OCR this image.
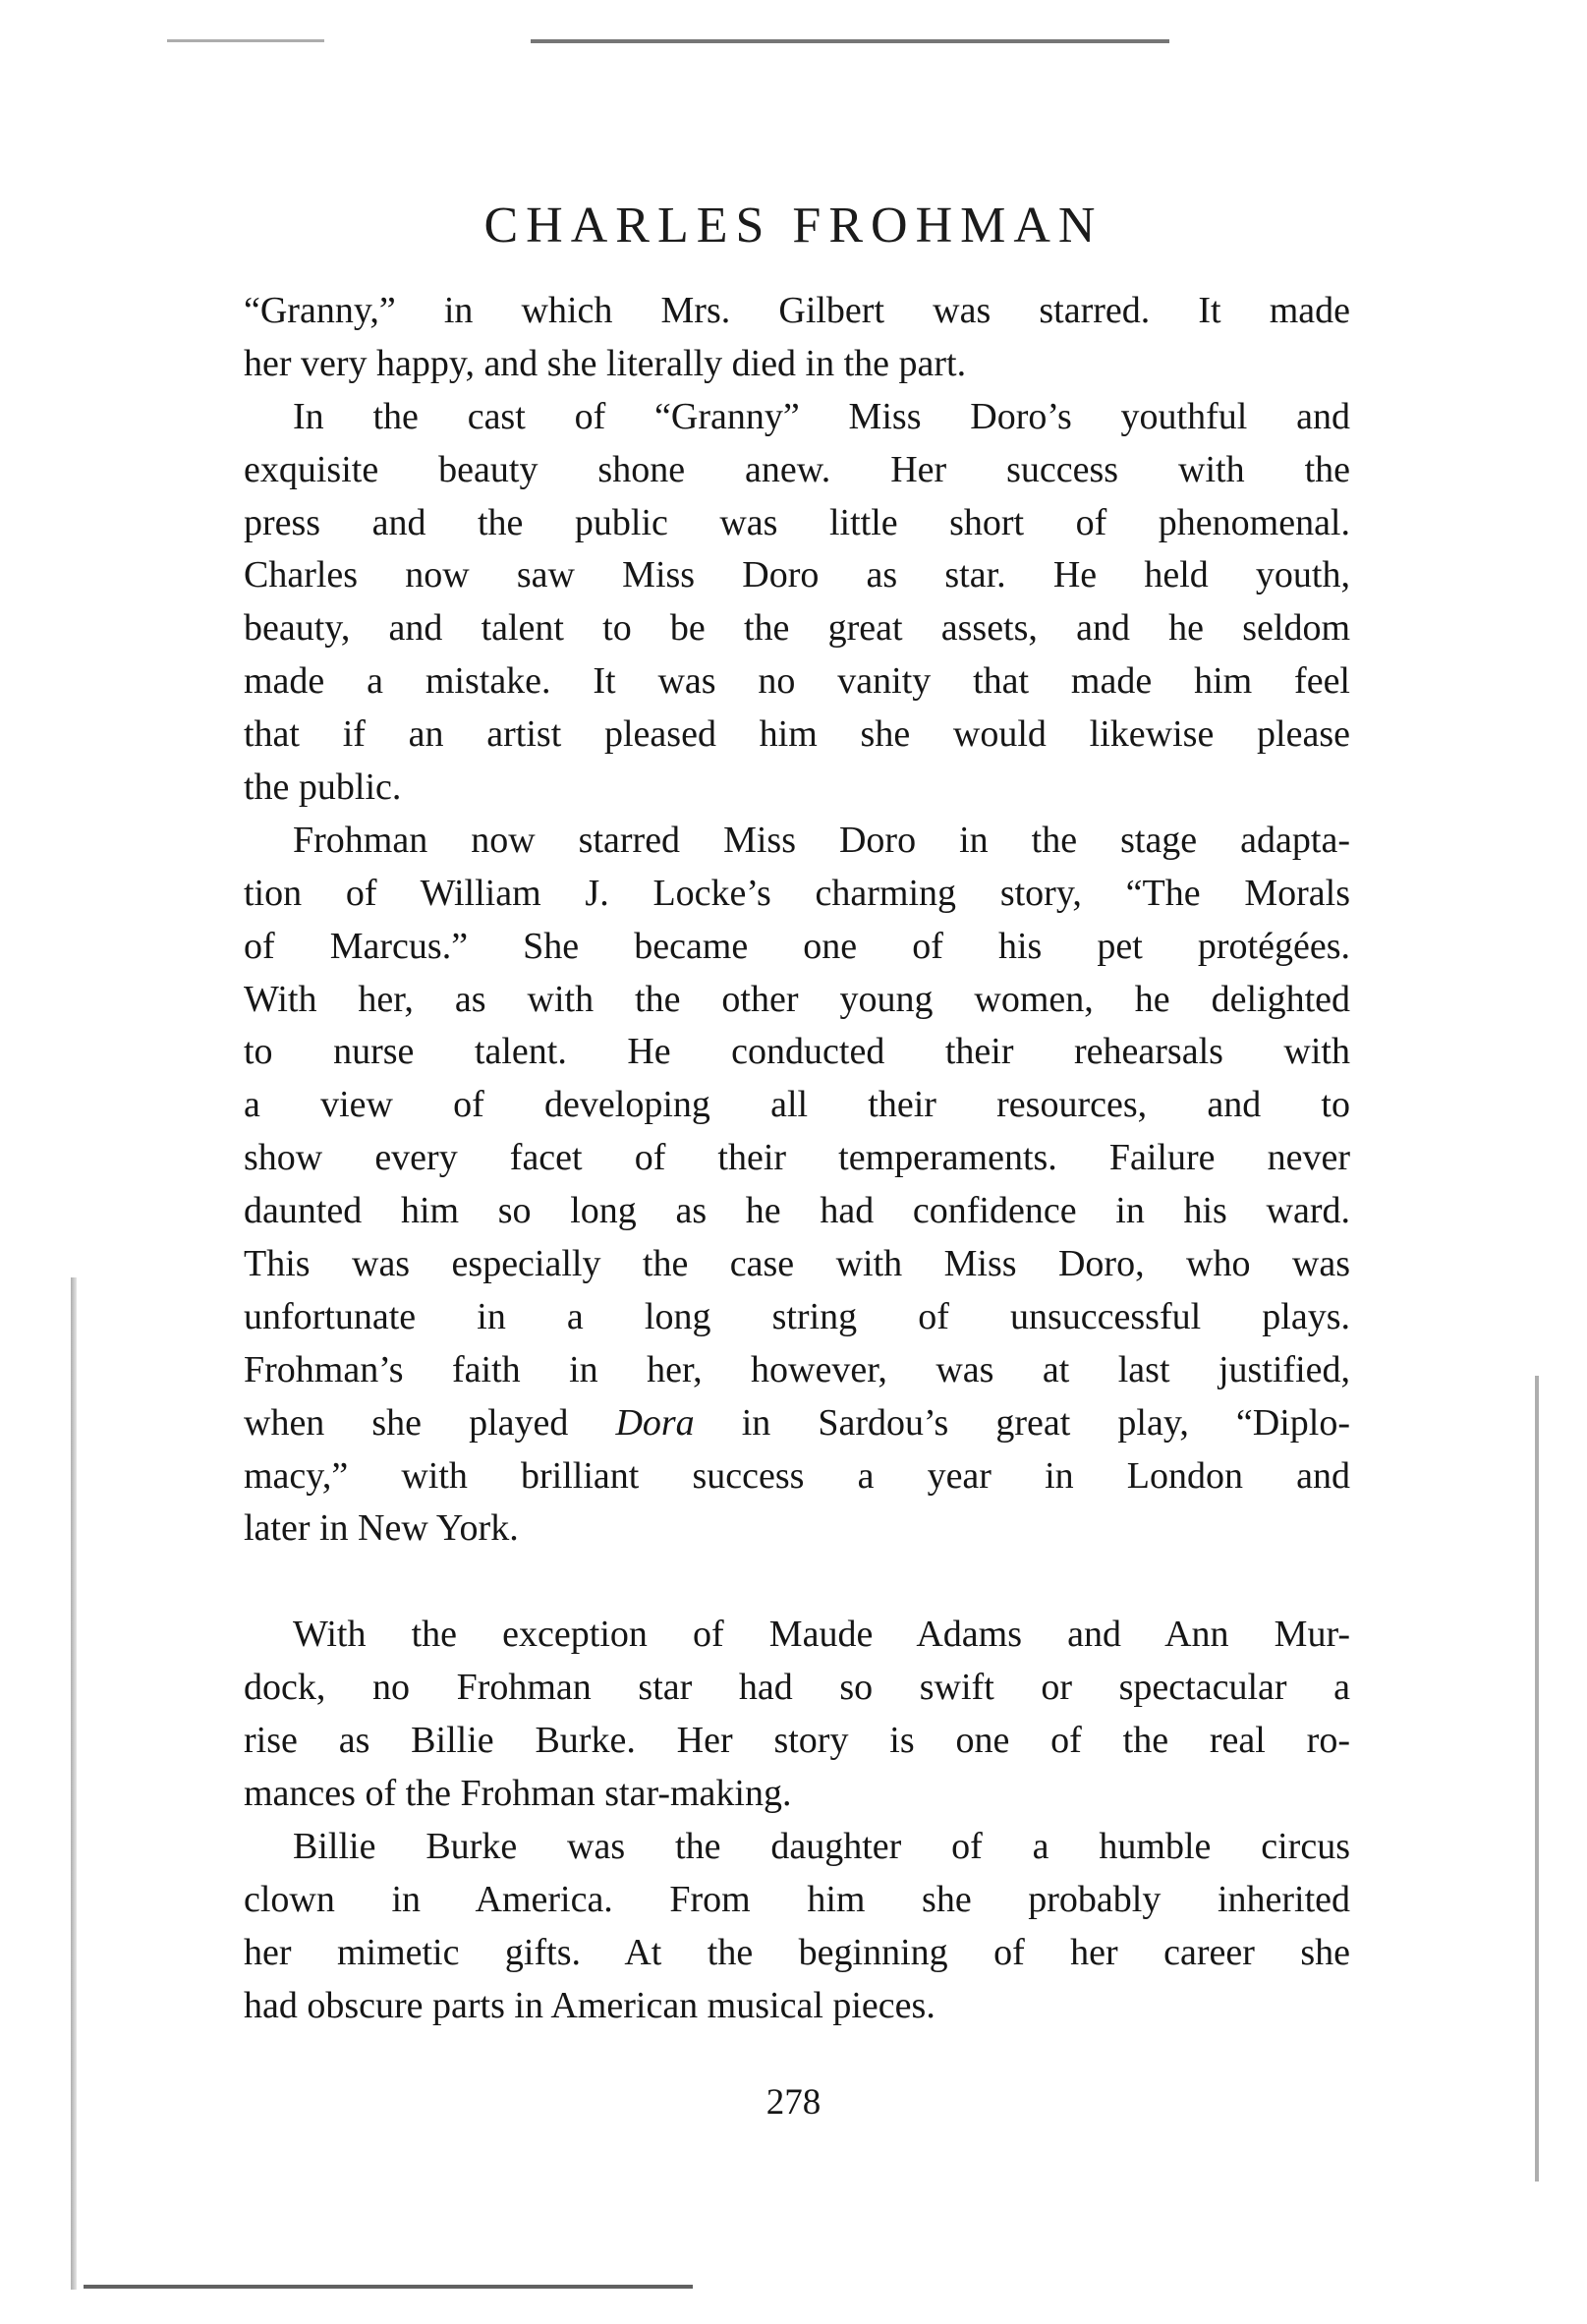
CHARLES FROHMAN
“Granny,” in which Mrs. Gilbert was starred. It made
her very happy, and she literally died in the part.
In the cast of “Granny” Miss Doro’s youthful and
exquisite beauty shone anew. Her success with the
press and the public was little short of phenomenal.
Charles now saw Miss Doro as star. He held youth,
beauty, and talent to be the great assets, and he seldom
made a mistake. It was no vanity that made him feel
that if an artist pleased him she would likewise please
the public.
Frohman now starred Miss Doro in the stage adapta-
tion of William J. Locke’s charming story, “The Morals
of Marcus.” She became one of his pet protégées.
With her, as with the other young women, he delighted
to nurse talent. He conducted their rehearsals with
a view of developing all their resources, and to
show every facet of their temperaments. Failure never
daunted him so long as he had confidence in his ward.
This was especially the case with Miss Doro, who was
unfortunate in a long string of unsuccessful plays.
Frohman’s faith in her, however, was at last justified,
when she played Dora in Sardou’s great play, “Diplo-
macy,” with brilliant success a year in London and
later in New York.
With the exception of Maude Adams and Ann Mur-
dock, no Frohman star had so swift or spectacular a
rise as Billie Burke. Her story is one of the real ro-
mances of the Frohman star-making.
Billie Burke was the daughter of a humble circus
clown in America. From him she probably inherited
her mimetic gifts. At the beginning of her career she
had obscure parts in American musical pieces.
278
